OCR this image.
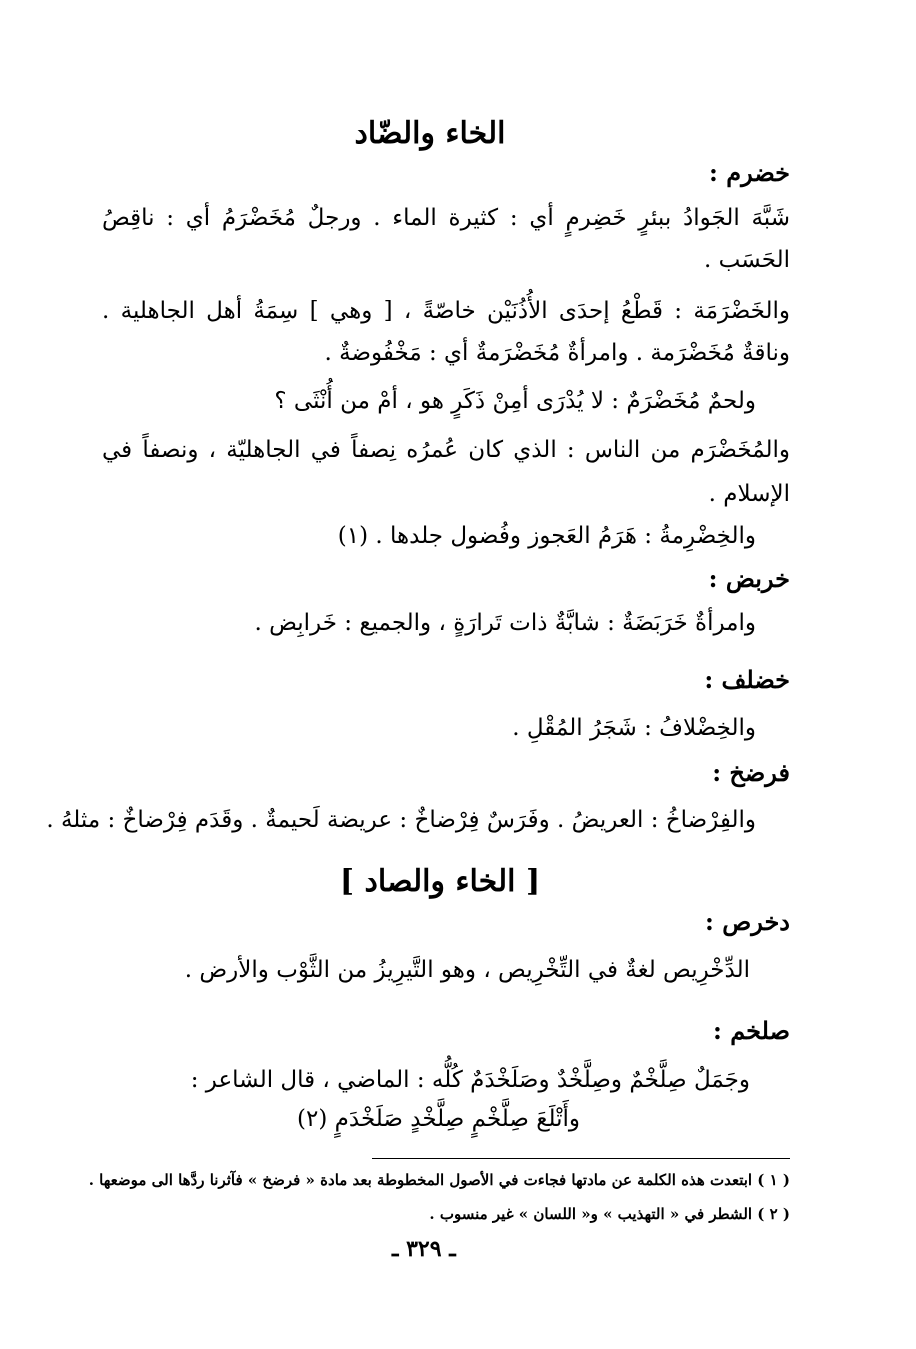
الخاء والضّاد
خضرم :
شَبَّهَ الجَوادُ ببئرٍ خَضِرمٍ أي : كثيرة الماء . ورجلٌ مُخَضْرَمُ أي : ناقِصُ
الحَسَب .
والخَضْرَمَة : قَطْعُ إحدَى الأُذُنَيْن خاصّةً ، [ وهي ] سِمَةُ أهل الجاهلية .
وناقةٌ مُخَضْرَمة . وامرأةٌ مُخَضْرَمةٌ أي : مَخْفُوضةٌ .
ولحمٌ مُخَضْرَمٌ : لا يُدْرَى أمِنْ ذَكَرٍ هو ، أمْ من أُنْثَى ؟
والمُخَضْرَم من الناس : الذي كان عُمرُه نِصفاً في الجاهليّة ، ونصفاً في
الإسلام .
والخِضْرِمةُ : هَرَمُ العَجوز وفُضول جلدها . (١)
خربض :
وامرأةٌ خَرَبَضَةٌ : شابَّةٌ ذات تَرارَةٍ ، والجميع : خَرابِض .
خضلف :
والخِضْلافُ : شَجَرُ المُقْلِ .
فرضخ :
والفِرْضاخُ : العريضُ . وفَرَسٌ فِرْضاخٌ : عريضة لَحيمةٌ . وقَدَم فِرْضاخٌ : مثلهُ .
[ الخاء والصاد ]
دخرص :
الدِّخْرِيص لغةٌ في التِّخْرِيص ، وهو التَّيرِيزُ من الثَّوْب والأرض .
صلخم :
وجَمَلٌ صِلَّخْمٌ وصِلَّخْدٌ وصَلَخْدَمٌ كُلُّه : الماضي ، قال الشاعر :
وأَتْلَعَ صِلَّخْمٍ صِلَّخْدٍ صَلَخْدَمٍ (٢)
( ١ ) ابتعدت هذه الكلمة عن مادتها فجاءت في الأصول المخطوطة بعد مادة « فرضخ » فآثرنا ردَّها الى موضعها .
( ٢ ) الشطر في « التهذيب » و« اللسان » غير منسوب .
ـ ٣٢٩ ـ
